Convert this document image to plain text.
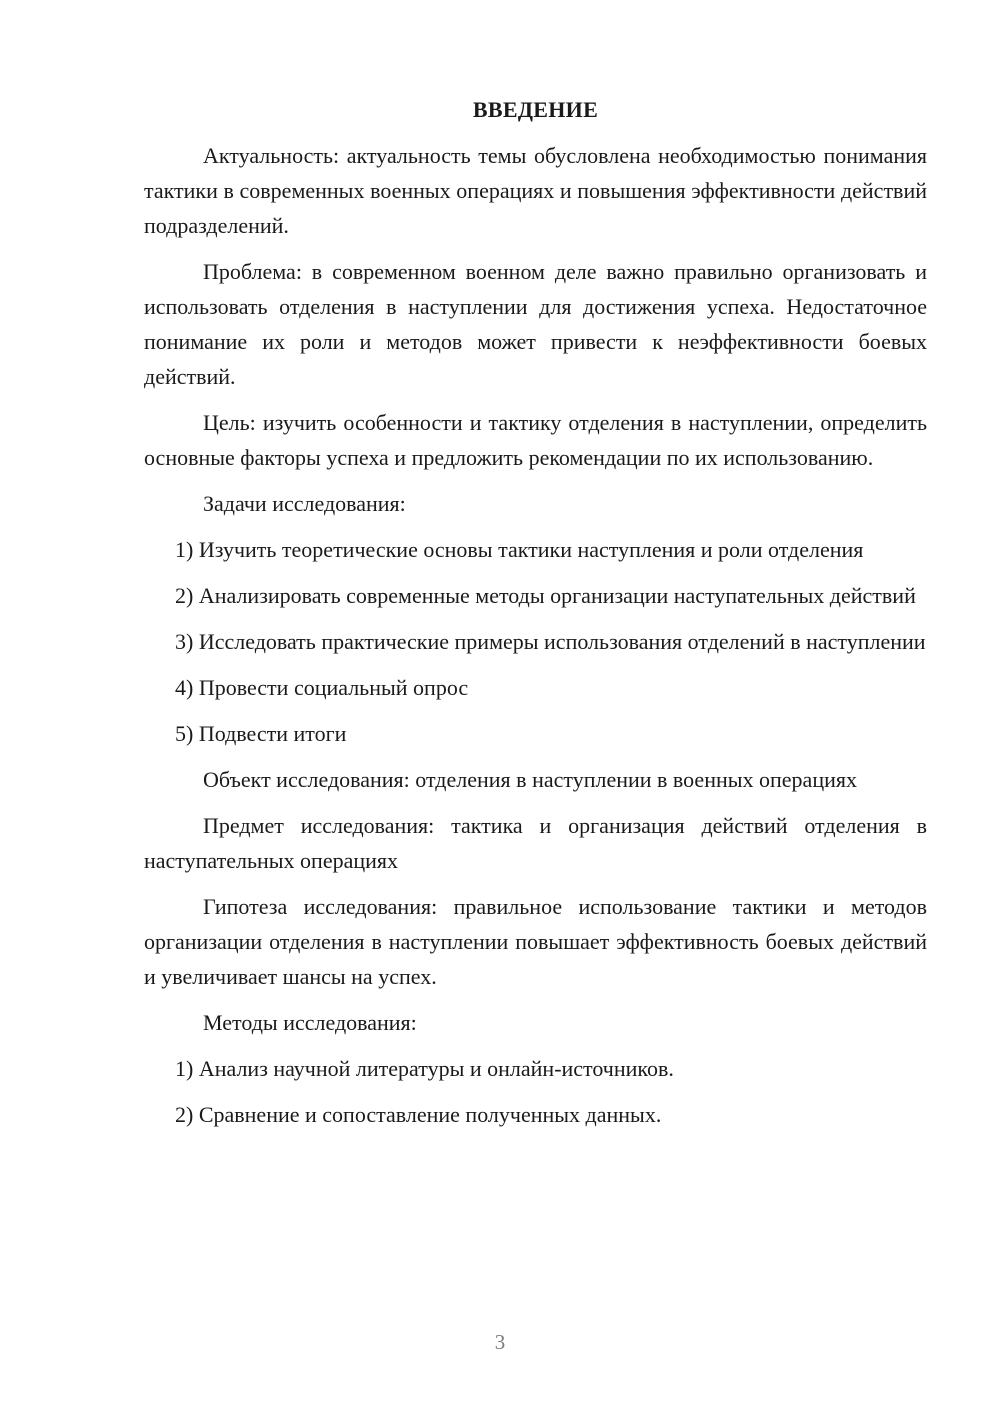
ВВЕДЕНИЕ

Актуальность: актуальность темы обусловлена необходимостью понимания тактики в современных военных операциях и повышения эффективности действий подразделений.

Проблема: в современном военном деле важно правильно организовать и использовать отделения в наступлении для достижения успеха. Недостаточное понимание их роли и методов может привести к неэффективности боевых действий.

Цель: изучить особенности и тактику отделения в наступлении, определить основные факторы успеха и предложить рекомендации по их использованию.

Задачи исследования:

1) Изучить теоретические основы тактики наступления и роли отделения

2) Анализировать современные методы организации наступательных действий

3) Исследовать практические примеры использования отделений в наступлении

4) Провести социальный опрос

5) Подвести итоги

Объект исследования: отделения в наступлении в военных операциях

Предмет исследования: тактика и организация действий отделения в наступательных операциях

Гипотеза исследования: правильное использование тактики и методов организации отделения в наступлении повышает эффективность боевых действий и увеличивает шансы на успех.

Методы исследования:

1) Анализ научной литературы и онлайн-источников.

2) Сравнение и сопоставление полученных данных.

3
